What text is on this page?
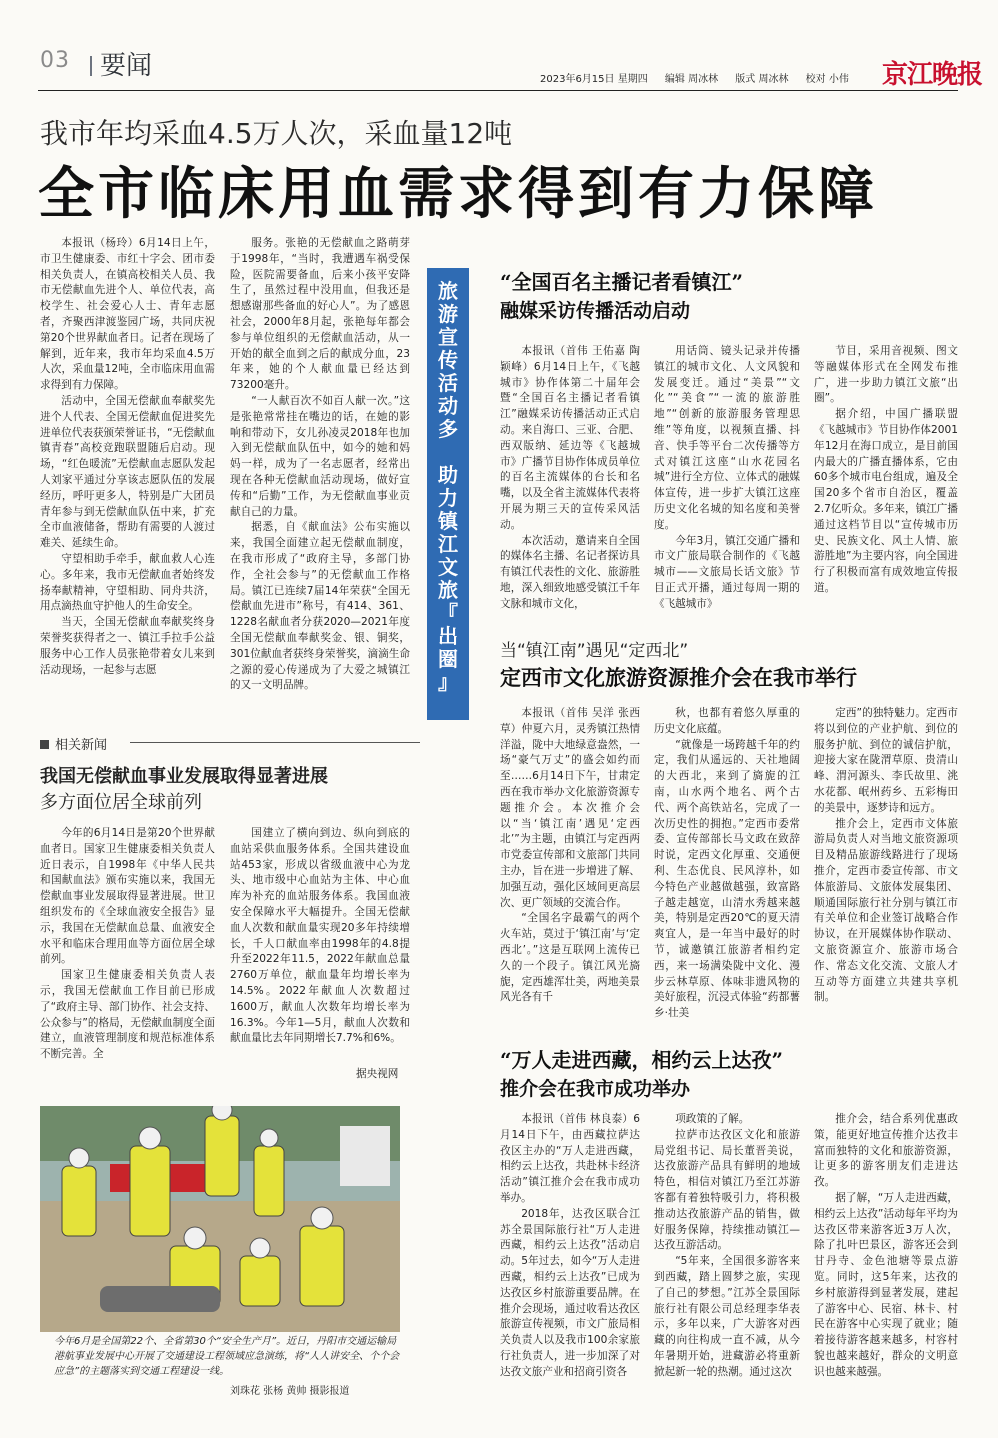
03 要闻	2023年6月15日 星期四 编辑 周冰林 版式 周冰林 校对 小伟	京江晚报
我市年均采血4.5万人次，采血量12吨
全市临床用血需求得到有力保障

本报讯（杨玲）6月14日上午，市卫生健康委、市红十字会、团市委相关负责人，在镇高校相关人员、我市无偿献血先进个人、单位代表，高校学生、社会爱心人士、青年志愿者，齐聚西津渡鉴园广场，共同庆祝第20个世界献血者日。记者在现场了解到，近年来，我市年均采血4.5万人次，采血量12吨，全市临床用血需求得到有力保障。

活动中，全国无偿献血奉献奖先进个人代表、全国无偿献血促进奖先进单位代表获颁荣誉证书，“无偿献血 镇青春”高校竞跑联盟随后启动。现场，“红色暖流”无偿献血志愿队发起人刘家平通过分享该志愿队伍的发展经历，呼吁更多人，特别是广大团员青年参与到无偿献血队伍中来，扩充全市血液储备，帮助有需要的人渡过难关、延续生命。

守望相助手牵手，献血救人心连心。多年来，我市无偿献血者始终发扬奉献精神，守望相助、同舟共济，用点滴热血守护他人的生命安全。

当天，全国无偿献血奉献奖终身荣誉奖获得者之一、镇江手拉手公益服务中心工作人员张艳带着女儿来到活动现场，一起参与志愿

服务。张艳的无偿献血之路萌芽于1998年，“当时，我遭遇车祸受保险，医院需要备血，后来小孩平安降生了，虽然过程中没用血，但我还是想感谢那些备血的好心人”。为了感恩社会，2000年8月起，张艳每年都会参与单位组织的无偿献血活动，从一开始的献全血到之后的献成分血，23年来，她的个人献血量已经达到73200毫升。

“一人献百次不如百人献一次。”这是张艳常常挂在嘴边的话，在她的影响和带动下，女儿孙凌灵2018年也加入到无偿献血队伍中，如今的她和妈妈一样，成为了一名志愿者，经常出现在各种无偿献血活动现场，做好宣传和“后勤”工作，为无偿献血事业贡献自己的力量。

据悉，自《献血法》公布实施以来，我国全面建立起无偿献血制度，在我市形成了“政府主导，多部门协作，全社会参与”的无偿献血工作格局。镇江已连续7届14年荣获“全国无偿献血先进市”称号，有414、361、1228名献血者分获2020—2021年度全国无偿献血奉献奖金、银、铜奖，301位献血者获终身荣誉奖，滴滴生命之源的爱心传递成为了大爱之城镇江的又一文明品牌。

相关新闻
我国无偿献血事业发展取得显著进展
多方面位居全球前列

今年的6月14日是第20个世界献血者日。国家卫生健康委相关负责人近日表示，自1998年《中华人民共和国献血法》颁布实施以来，我国无偿献血事业发展取得显著进展。世卫组织发布的《全球血液安全报告》显示，我国在无偿献血总量、血液安全水平和临床合理用血等方面位居全球前列。

国家卫生健康委相关负责人表示，我国无偿献血工作目前已形成了“政府主导、部门协作、社会支持、公众参与”的格局，无偿献血制度全面建立，血液管理制度和规范标准体系不断完善。全

国建立了横向到边、纵向到底的血站采供血服务体系。全国共建设血站453家，形成以省级血液中心为龙头、地市级中心血站为主体、中心血库为补充的血站服务体系。我国血液安全保障水平大幅提升。全国无偿献血人次数和献血量实现20多年持续增长，千人口献血率由1998年的4.8提升至2022年11.5，2022年献血总量2760万单位，献血量年均增长率为14.5%。2022年献血人次数超过1600万，献血人次数年均增长率为16.3%。今年1—5月，献血人次数和献血量比去年同期增长7.7%和6%。

据央视网
今年6月是全国第22个、全省第30个“安全生产月”。近日，丹阳市交通运输局港航事业发展中心开展了交通建设工程领域应急演练，将“人人讲安全、个个会应急”的主题落实到交通工程建设一线。
刘珠花 张杨 黄帅 摄影报道
旅
游
宣
传
活
动
多

助
力
镇
江
文
旅
『
出
圈
』
“全国百名主播记者看镇江”
融媒采访传播活动启动

本报讯（首伟 王佑嘉 陶颖峰）6月14日上午，《飞越城市》协作体第二十届年会暨“全国百名主播记者看镇江”融媒采访传播活动正式启动。来自海口、三亚、合肥、西双版纳、延边等《飞越城市》广播节目协作体成员单位的百名主流媒体的台长和名嘴，以及全省主流媒体代表将开展为期三天的宣传采风活动。

本次活动，邀请来自全国的媒体名主播、名记者探访具有镇江代表性的文化、旅游胜地，深入细致地感受镇江千年文脉和城市文化，

用话筒、镜头记录并传播镇江的城市文化、人文风貌和发展变迁。通过“美景”“文化”“美食”“一流的旅游胜地”“创新的旅游服务管理思维”等角度，以视频直播、抖音、快手等平台二次传播等方式对镇江这座“山水花园名城”进行全方位、立体式的融媒体宣传，进一步扩大镇江这座历史文化名城的知名度和美誉度。

今年3月，镇江交通广播和市文广旅局联合制作的《飞越城市——文旅局长话文旅》节目正式开播，通过每周一期的《飞越城市》

节目，采用音视频、图文等融媒体形式在全网发布推广，进一步助力镇江文旅“出圈”。

据介绍，中国广播联盟《飞越城市》节目协作体2001年12月在海口成立，是目前国内最大的广播直播体系，它由60多个城市电台组成，遍及全国20多个省市自治区，覆盖2.7亿听众。多年来，镇江广播通过这档节目以“宣传城市历史、民族文化、风土人情、旅游胜地”为主要内容，向全国进行了积极而富有成效地宣传报道。

当“镇江南”遇见“定西北”
定西市文化旅游资源推介会在我市举行

本报讯（首伟 吴洋 张西草）仲夏六月，灵秀镇江热情洋溢，陇中大地绿意盎然，一场“豪气万丈”的盛会如约而至……6月14日下午，甘肃定西在我市举办文化旅游资源专题推介会。本次推介会以“当‘镇江南’遇见‘定西北’”为主题，由镇江与定西两市党委宣传部和文旅部门共同主办，旨在进一步增进了解、加强互动，强化区域间更高层次、更广领域的交流合作。

“全国名字最霸气的两个火车站，莫过于‘镇江南’与‘定西北’。”这是互联网上流传已久的一个段子。镇江风光旖旎，定西雄浑壮美，两地美景风光各有千

秋，也都有着悠久厚重的历史文化底蕴。

“就像是一场跨越千年的约定，我们从遥远的、天社地阔的大西北，来到了旖旎的江南，山水两个地名、两个古代、两个高铁站名，完成了一次历史性的拥抱。”定西市委常委、宣传部部长马文政在致辞时说，定西文化厚重、交通便利、生态优良、民风淳朴，如今特色产业越做越强，致富路子越走越宽，山清水秀越来越美，特别是定西20℃的夏天清爽宜人，是一年当中最好的时节，诚邀镇江旅游者相约定西，来一场满染陇中文化、漫步云林草原、体味非遗风物的美好旅程，沉浸式体验“药都薯乡·壮美

定西”的独特魅力。定西市将以到位的产业护航、到位的服务护航、到位的诚信护航，迎接大家在陇渭草原、贵清山峰、渭河源头、李氏故里、洮水花都、岷州药乡、五彩梅田的美景中，逐梦诗和远方。

推介会上，定西市文体旅游局负责人对当地文旅资源项目及精品旅游线路进行了现场推介，定西市委宣传部、市文体旅游局、文旅体发展集团、顺通国际旅行社分别与镇江市有关单位和企业签订战略合作协议，在开展媒体协作联动、文旅资源宣介、旅游市场合作、常态文化交流、文旅人才互动等方面建立共建共享机制。

“万人走进西藏，相约云上达孜”
推介会在我市成功举办

本报讯（首伟 林良泰）6月14日下午，由西藏拉萨达孜区主办的“万人走进西藏，相约云上达孜，共赴林卡经济活动”镇江推介会在我市成功举办。

2018年，达孜区联合江苏全景国际旅行社“万人走进西藏，相约云上达孜”活动启动。5年过去，如今“万人走进西藏，相约云上达孜”已成为达孜区乡村旅游重要品牌。在推介会现场，通过收看达孜区旅游宣传视频，市文广旅局相关负责人以及我市100余家旅行社负责人，进一步加深了对达孜文旅产业和招商引资各

项政策的了解。

拉萨市达孜区文化和旅游局党组书记、局长董晋美说，达孜旅游产品具有鲜明的地域特色，相信对镇江乃至江苏游客都有着独特吸引力，将积极推动达孜旅游产品的销售，做好服务保障，持续推动镇江—达孜互游活动。

“5年来，全国很多游客来到西藏，踏上圆梦之旅，实现了自己的梦想。”江苏全景国际旅行社有限公司总经理李华表示，多年以来，广大游客对西藏的向往构成一直不减，从今年暑期开始，进藏游必将重新掀起新一轮的热潮。通过这次

推介会，结合系列优惠政策，能更好地宣传推介达孜丰富而独特的文化和旅游资源，让更多的游客朋友们走进达孜。

据了解，“万人走进西藏，相约云上达孜”活动每年平均为达孜区带来游客近3万人次，除了扎叶巴景区，游客还会到甘丹寺、金色池塘等景点游览。同时，这5年来，达孜的乡村旅游得到显著发展，建起了游客中心、民宿、林卡、村民在游客中心实现了就业；随着接待游客越来越多，村容村貌也越来越好，群众的文明意识也越来越强。
